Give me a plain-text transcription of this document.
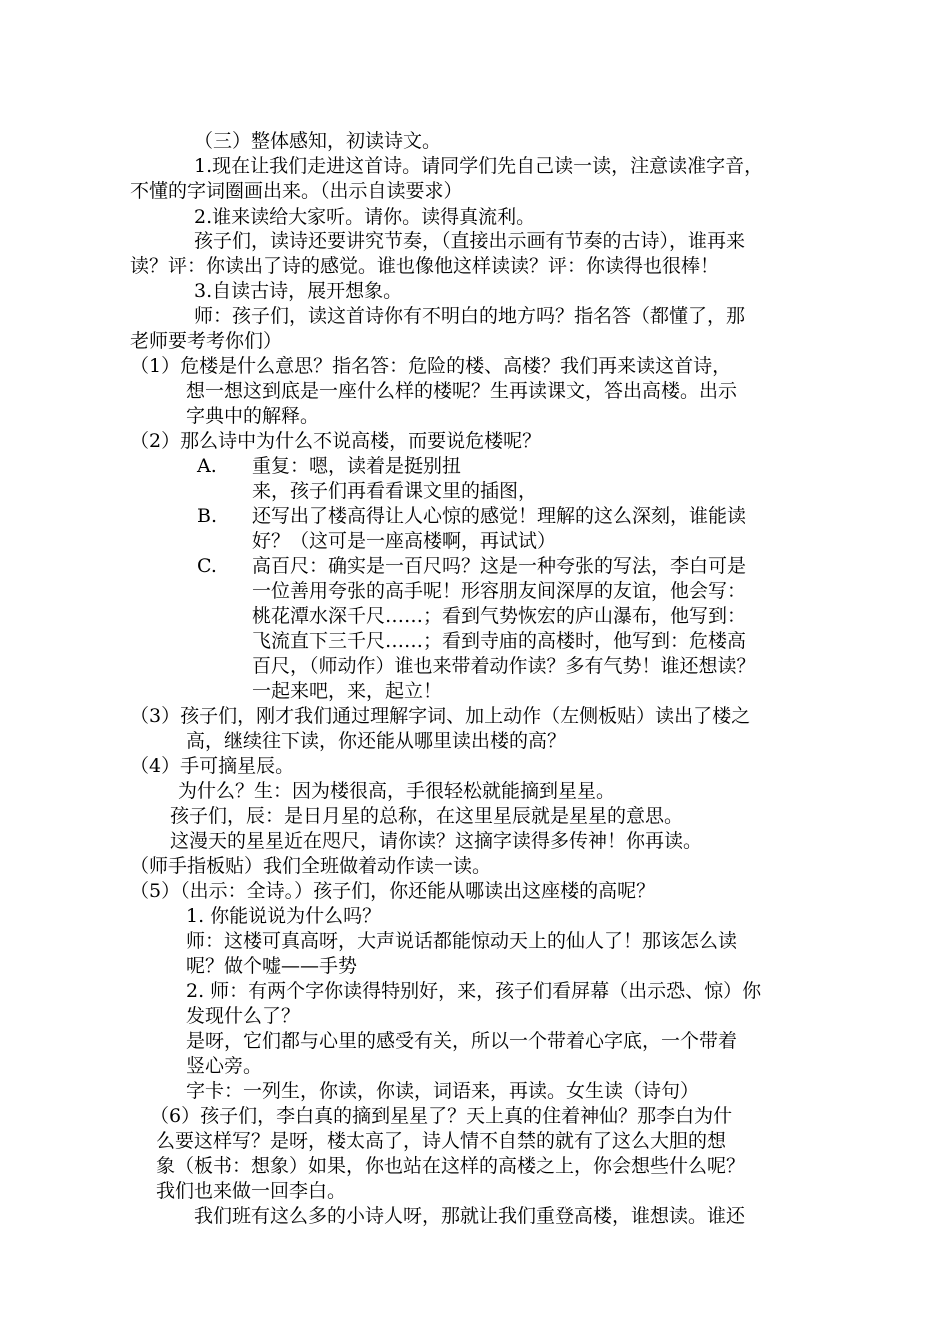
（三）整体感知，初读诗文。
1.现在让我们走进这首诗。请同学们先自己读一读，注意读准字音，
不懂的字词圈画出来。（出示自读要求）
2.谁来读给大家听。请你。读得真流利。
孩子们，读诗还要讲究节奏，（直接出示画有节奏的古诗），谁再来
读？评：你读出了诗的感觉。谁也像他这样读读？评：你读得也很棒！
3.自读古诗，展开想象。
师：孩子们，读这首诗你有不明白的地方吗？指名答（都懂了，那
老师要考考你们）
（1）危楼是什么意思？指名答：危险的楼、高楼？我们再来读这首诗，
想一想这到底是一座什么样的楼呢？生再读课文，答出高楼。出示
字典中的解释。
（2）那么诗中为什么不说高楼，而要说危楼呢？
A. 重复：嗯，读着是挺别扭
来，孩子们再看看课文里的插图，
B. 还写出了楼高得让人心惊的感觉！理解的这么深刻，谁能读
好？（这可是一座高楼啊，再试试）
C. 高百尺：确实是一百尺吗？这是一种夸张的写法，李白可是
一位善用夸张的高手呢！形容朋友间深厚的友谊，他会写：
桃花潭水深千尺……；看到气势恢宏的庐山瀑布，他写到：
飞流直下三千尺……；看到寺庙的高楼时，他写到：危楼高
百尺，（师动作）谁也来带着动作读？多有气势！谁还想读？
一起来吧，来，起立！
（3）孩子们，刚才我们通过理解字词、加上动作（左侧板贴）读出了楼之
高，继续往下读，你还能从哪里读出楼的高？
（4）手可摘星辰。
为什么？生：因为楼很高，手很轻松就能摘到星星。
孩子们，辰：是日月星的总称，在这里星辰就是星星的意思。
这漫天的星星近在咫尺，请你读？这摘字读得多传神！你再读。
（师手指板贴）我们全班做着动作读一读。
（5）（出示：全诗。）孩子们，你还能从哪读出这座楼的高呢？
1. 你能说说为什么吗？
师：这楼可真高呀，大声说话都能惊动天上的仙人了！那该怎么读
呢？做个嘘——手势
2. 师：有两个字你读得特别好，来，孩子们看屏幕（出示恐、惊）你
发现什么了？
是呀，它们都与心里的感受有关，所以一个带着心字底，一个带着
竖心旁。
字卡：一列生，你读，你读，词语来，再读。女生读（诗句）
（6）孩子们，李白真的摘到星星了？天上真的住着神仙？那李白为什
么要这样写？是呀，楼太高了，诗人情不自禁的就有了这么大胆的想
象（板书：想象）如果，你也站在这样的高楼之上，你会想些什么呢？
我们也来做一回李白。
我们班有这么多的小诗人呀，那就让我们重登高楼，谁想读。谁还
